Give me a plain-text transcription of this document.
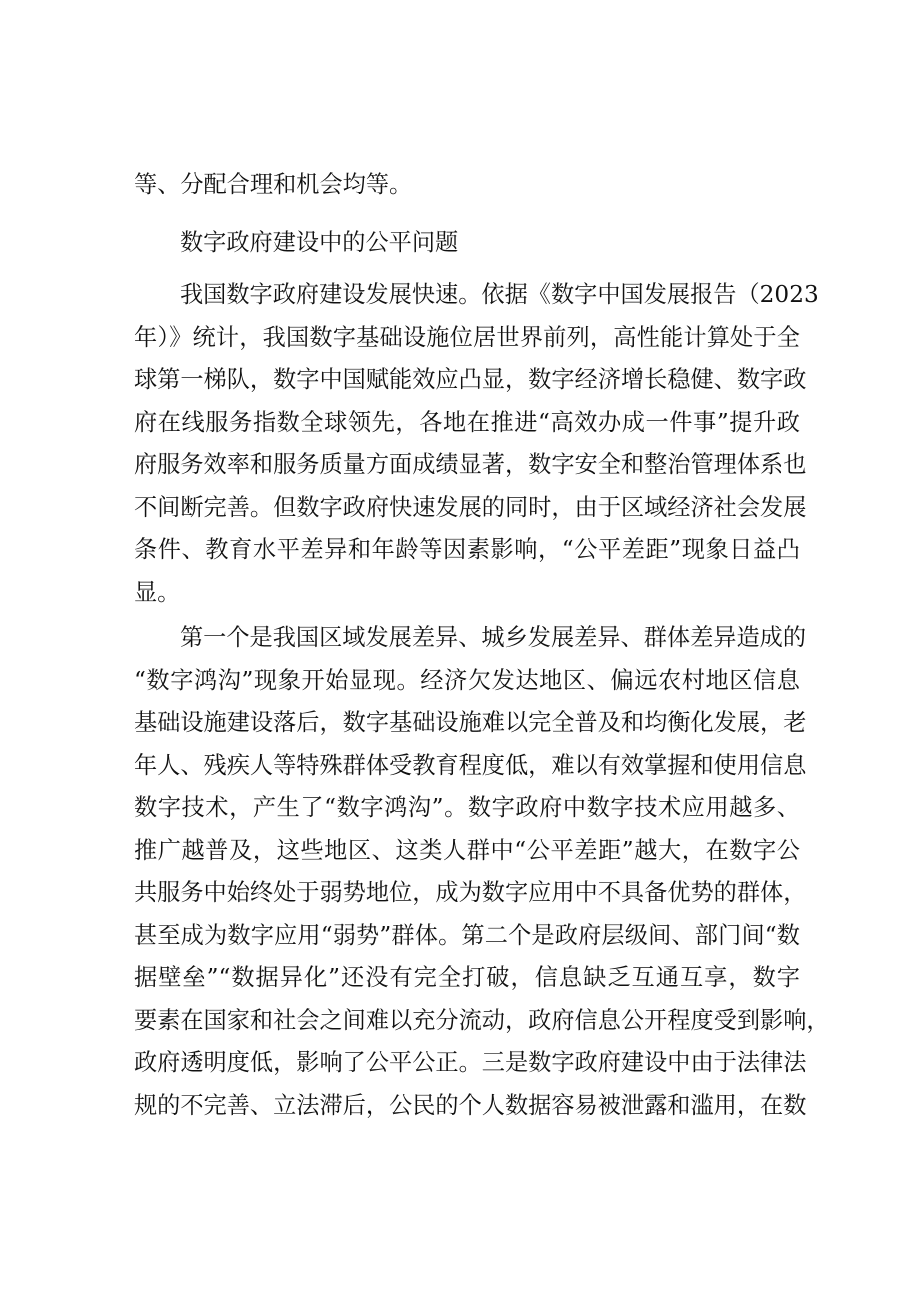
等、分配合理和机会均等。
数字政府建设中的公平问题
我国数字政府建设发展快速。依据《数字中国发展报告（2023
年）》统计，我国数字基础设施位居世界前列，高性能计算处于全
球第一梯队，数字中国赋能效应凸显，数字经济增长稳健、数字政
府在线服务指数全球领先，各地在推进“高效办成一件事”提升政
府服务效率和服务质量方面成绩显著，数字安全和整治管理体系也
不间断完善。但数字政府快速发展的同时，由于区域经济社会发展
条件、教育水平差异和年龄等因素影响，“公平差距”现象日益凸
显。
第一个是我国区域发展差异、城乡发展差异、群体差异造成的
“数字鸿沟”现象开始显现。经济欠发达地区、偏远农村地区信息
基础设施建设落后，数字基础设施难以完全普及和均衡化发展，老
年人、残疾人等特殊群体受教育程度低，难以有效掌握和使用信息
数字技术，产生了“数字鸿沟”。数字政府中数字技术应用越多、
推广越普及，这些地区、这类人群中“公平差距”越大，在数字公
共服务中始终处于弱势地位，成为数字应用中不具备优势的群体，
甚至成为数字应用“弱势”群体。第二个是政府层级间、部门间“数
据壁垒”“数据异化”还没有完全打破，信息缺乏互通互享，数字
要素在国家和社会之间难以充分流动，政府信息公开程度受到影响，
政府透明度低，影响了公平公正。三是数字政府建设中由于法律法
规的不完善、立法滞后，公民的个人数据容易被泄露和滥用，在数
